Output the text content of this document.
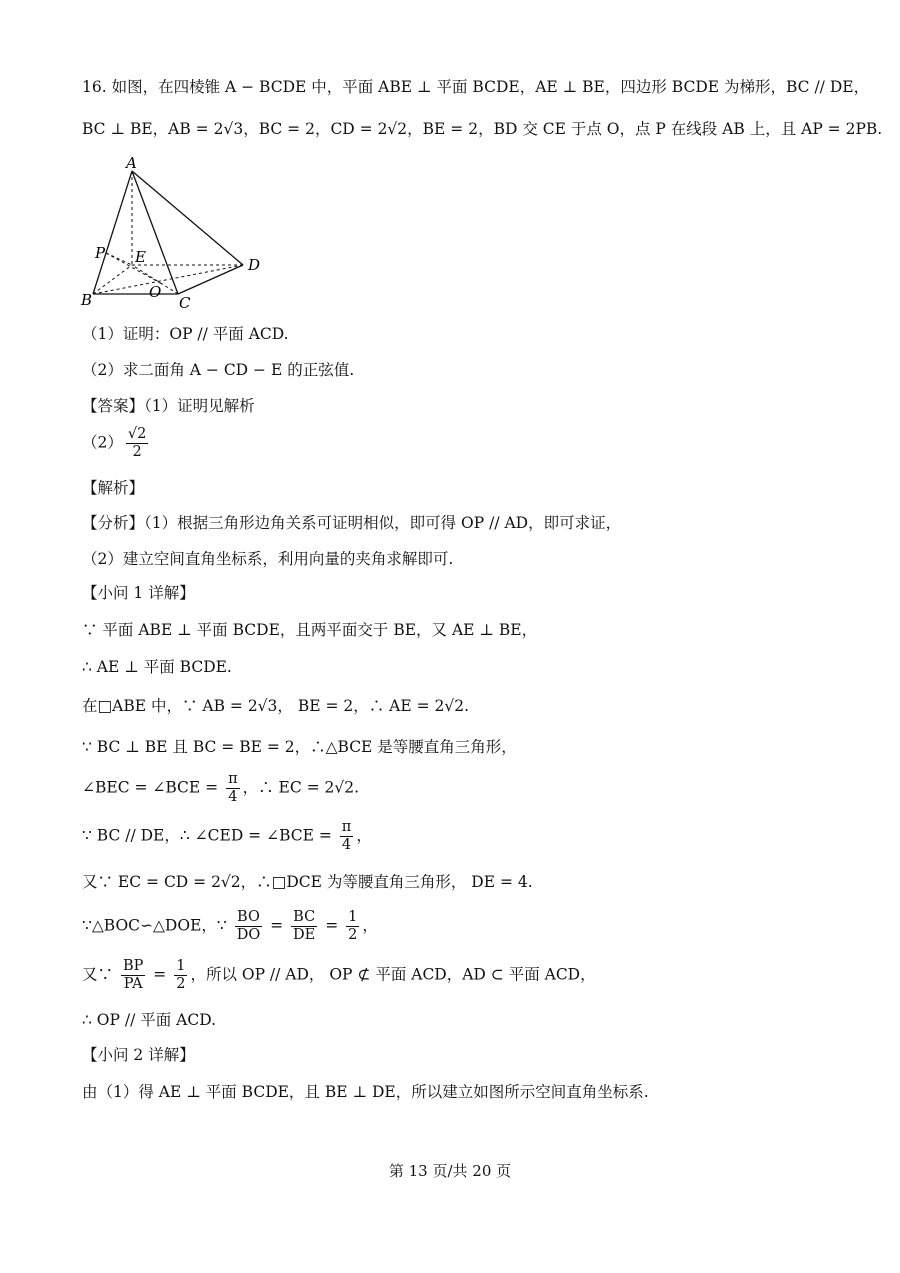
16. 如图，在四棱锥 A − BCDE 中，平面 ABE ⊥ 平面 BCDE，AE ⊥ BE，四边形 BCDE 为梯形，BC // DE，
BC ⊥ BE，AB = 2√3，BC = 2，CD = 2√2，BE = 2，BD 交 CE 于点 O，点 P 在线段 AB 上，且 AP = 2PB.
A
B	C
D
E
O
P
（1）证明：OP // 平面 ACD.
（2）求二面角 A − CD − E 的正弦值.
【答案】（1）证明见解析
$(2) \frac{√2}{2}$
【解析】
【分析】（1）根据三角形边角关系可证明相似，即可得 OP // AD，即可求证，
（2）建立空间直角坐标系，利用向量的夹角求解即可.
【小问 1 详解】
∵ 平面 ABE ⊥ 平面 BCDE，且两平面交于 BE，又 AE ⊥ BE，
∴ AE ⊥ 平面 BCDE.
在□ABE 中，∵ AB = 2√3， BE = 2，∴ AE = 2√2.
∵ BC ⊥ BE 且 BC = BE = 2，∴△BCE 是等腰直角三角形，
∠BEC = ∠BCE = $\frac{\pi}{4}$ ，∴ EC = 2√2.
∵ BC // DE，∴ ∠CED = ∠BCE = $\frac{\pi}{4}$ ，
又∵ EC = CD = 2√2，∴□DCE 为等腰直角三角形， DE = 4.
∵△BOC∽△DOE，∵ $\frac{BO}{DO} = \frac{BC}{DE} = \frac{1}{2}$ ，
又∵ $\frac{BP}{PA} = \frac{1}{2}$ ，所以 OP // AD， OP ⊄ 平面 ACD，AD ⊂ 平面 ACD，
∴ OP // 平面 ACD.
【小问 2 详解】
由（1）得 AE ⊥ 平面 BCDE，且 BE ⊥ DE，所以建立如图所示空间直角坐标系.
第 13 页/共 20 页
